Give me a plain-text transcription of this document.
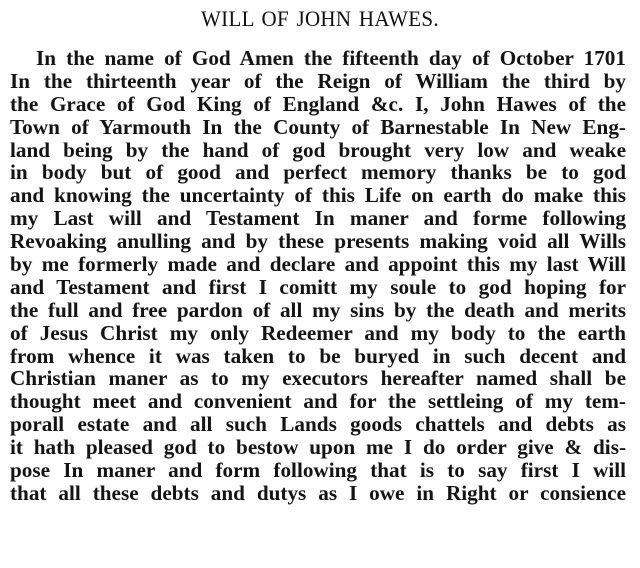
WILL OF JOHN HAWES.
In the name of God Amen the fifteenth day of October 1701
In the thirteenth year of the Reign of William the third by
the Grace of God King of England &c. I, John Hawes of the
Town of Yarmouth In the County of Barnestable In New Eng-
land being by the hand of god brought very low and weake
in body but of good and perfect memory thanks be to god
and knowing the uncertainty of this Life on earth do make this
my Last will and Testament In maner and forme following
Revoaking anulling and by these presents making void all Wills
by me formerly made and declare and appoint this my last Will
and Testament and first I comitt my soule to god hoping for
the full and free pardon of all my sins by the death and merits
of Jesus Christ my only Redeemer and my body to the earth
from whence it was taken to be buryed in such decent and
Christian maner as to my executors hereafter named shall be
thought meet and convenient and for the settleing of my tem-
porall estate and all such Lands goods chattels and debts as
it hath pleased god to bestow upon me I do order give & dis-
pose In maner and form following that is to say first I will
that all these debts and dutys as I owe in Right or consience
